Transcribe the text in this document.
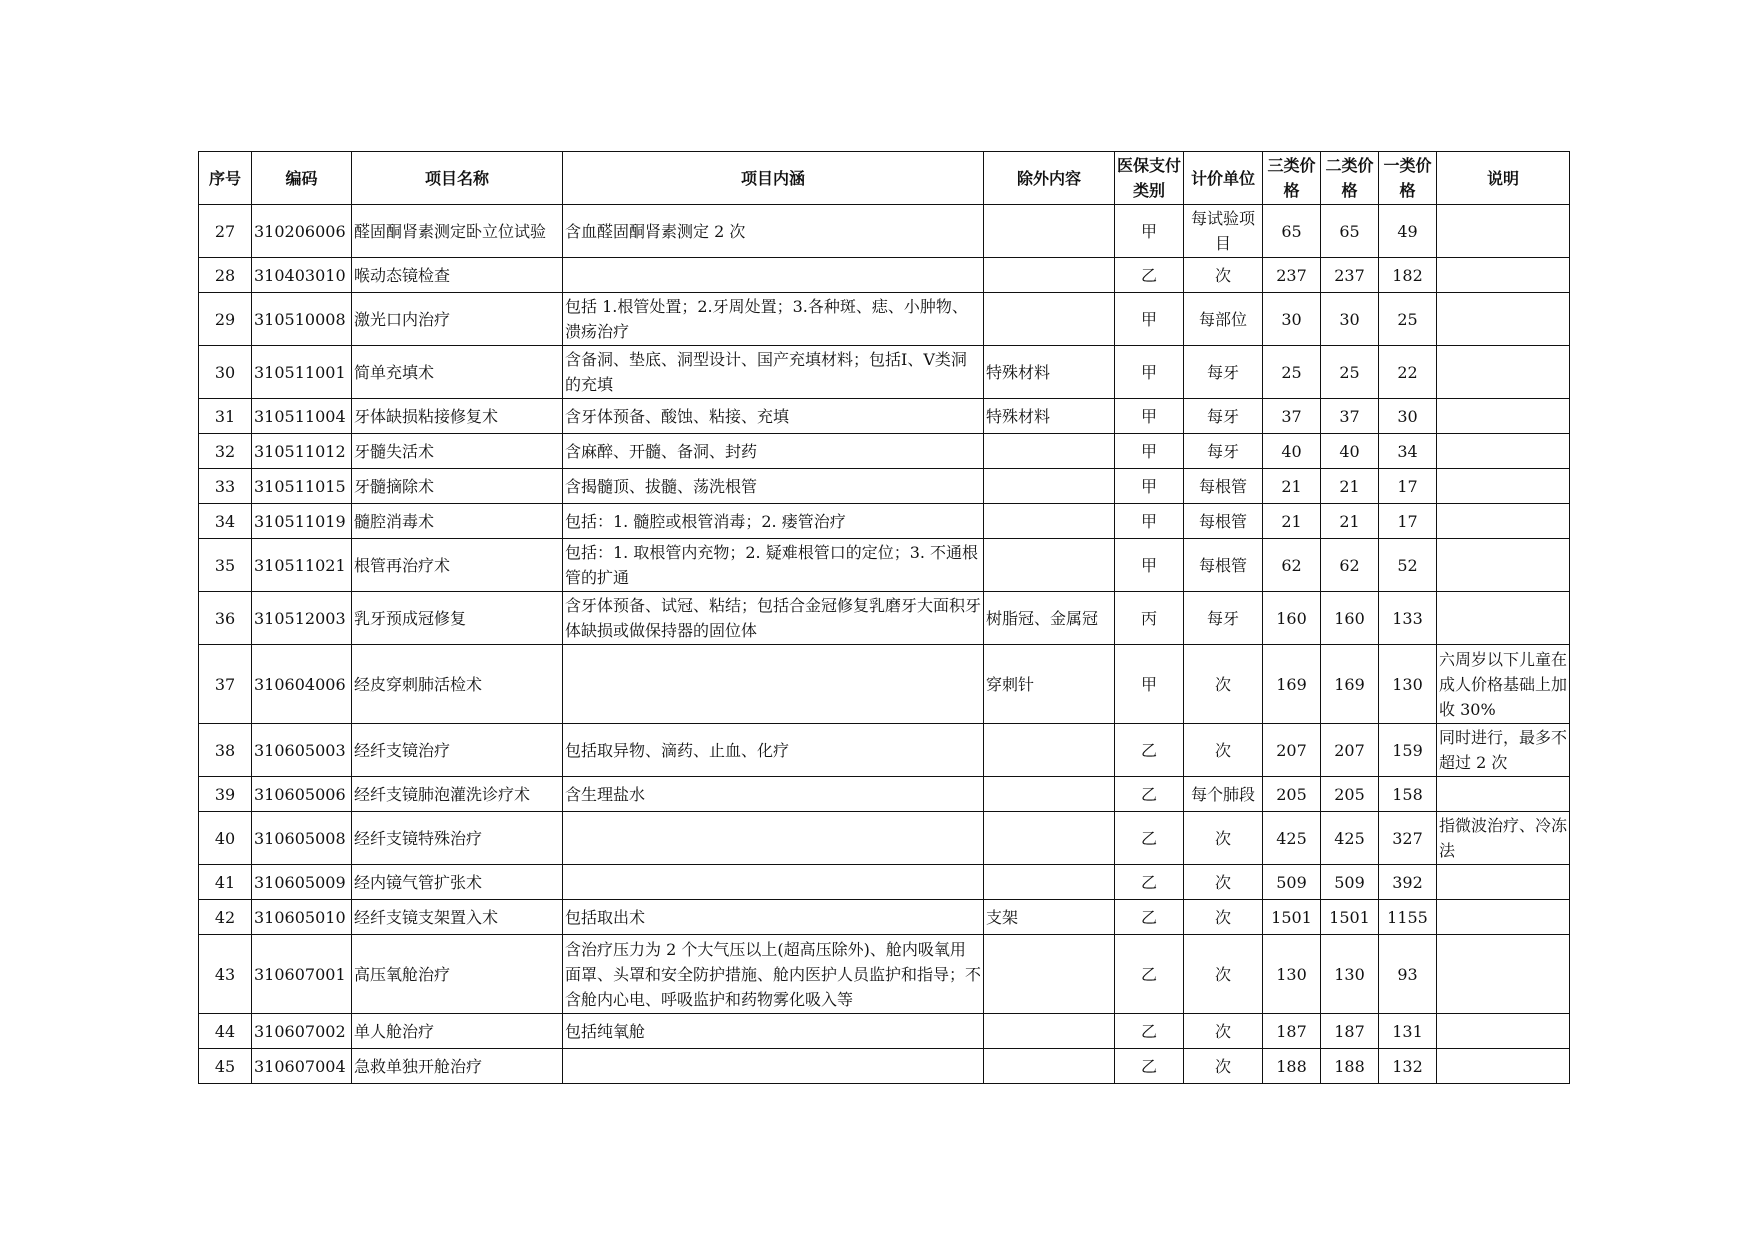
序号	编码	项目名称	项目内涵	除外内容	医保支付类别	计价单位	三类价格	二类价格	一类价格	说明
27	310206006	醛固酮肾素测定卧立位试验	含血醛固酮肾素测定 2 次		甲	每试验项目	65	65	49	
28	310403010	喉动态镜检查			乙	次	237	237	182	
29	310510008	激光口内治疗	包括 1.根管处置；2.牙周处置；3.各种斑、痣、小肿物、溃疡治疗		甲	每部位	30	30	25	
30	310511001	简单充填术	含备洞、垫底、洞型设计、国产充填材料；包括Ⅰ、Ⅴ类洞的充填	特殊材料	甲	每牙	25	25	22	
31	310511004	牙体缺损粘接修复术	含牙体预备、酸蚀、粘接、充填	特殊材料	甲	每牙	37	37	30	
32	310511012	牙髓失活术	含麻醉、开髓、备洞、封药		甲	每牙	40	40	34	
33	310511015	牙髓摘除术	含揭髓顶、拔髓、荡洗根管		甲	每根管	21	21	17	
34	310511019	髓腔消毒术	包括：1. 髓腔或根管消毒；2. 瘘管治疗		甲	每根管	21	21	17	
35	310511021	根管再治疗术	包括：1. 取根管内充物；2. 疑难根管口的定位；3. 不通根管的扩通		甲	每根管	62	62	52	
36	310512003	乳牙预成冠修复	含牙体预备、试冠、粘结；包括合金冠修复乳磨牙大面积牙体缺损或做保持器的固位体	树脂冠、金属冠	丙	每牙	160	160	133	
37	310604006	经皮穿刺肺活检术		穿刺针	甲	次	169	169	130	六周岁以下儿童在成人价格基础上加收 30%
38	310605003	经纤支镜治疗	包括取异物、滴药、止血、化疗		乙	次	207	207	159	同时进行，最多不超过 2 次
39	310605006	经纤支镜肺泡灌洗诊疗术	含生理盐水		乙	每个肺段	205	205	158	
40	310605008	经纤支镜特殊治疗			乙	次	425	425	327	指微波治疗、冷冻法
41	310605009	经内镜气管扩张术			乙	次	509	509	392	
42	310605010	经纤支镜支架置入术	包括取出术	支架	乙	次	1501	1501	1155	
43	310607001	高压氧舱治疗	含治疗压力为 2 个大气压以上(超高压除外)、舱内吸氧用面罩、头罩和安全防护措施、舱内医护人员监护和指导；不含舱内心电、呼吸监护和药物雾化吸入等		乙	次	130	130	93	
44	310607002	单人舱治疗	包括纯氧舱		乙	次	187	187	131	
45	310607004	急救单独开舱治疗			乙	次	188	188	132	
